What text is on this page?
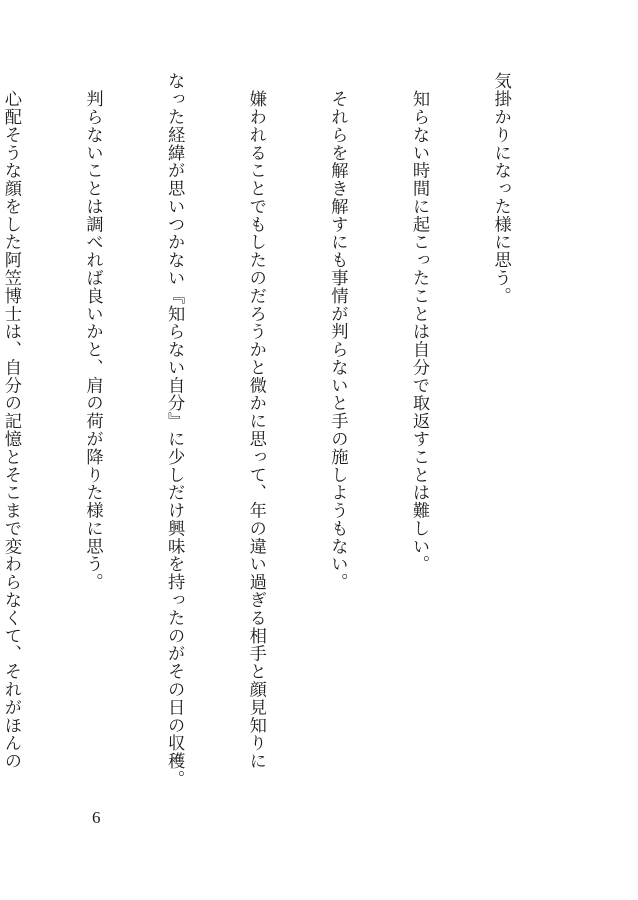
気掛かりになった様に思う。

　知らない時間に起こったことは自分で取返すことは難しい。

　それらを解き解すにも事情が判らないと手の施しようもない。

　嫌われることでもしたのだろうかと微かに思って、年の違い過ぎる相手と顔見知りに

なった経緯が思いつかない『知らない自分』に少しだけ興味を持ったのがその日の収穫。

　判らないことは調べれば良いかと、肩の荷が降りた様に思う。

　心配そうな顔をした阿笠博士は、自分の記憶とそこまで変わらなくて、それがほんの

6
